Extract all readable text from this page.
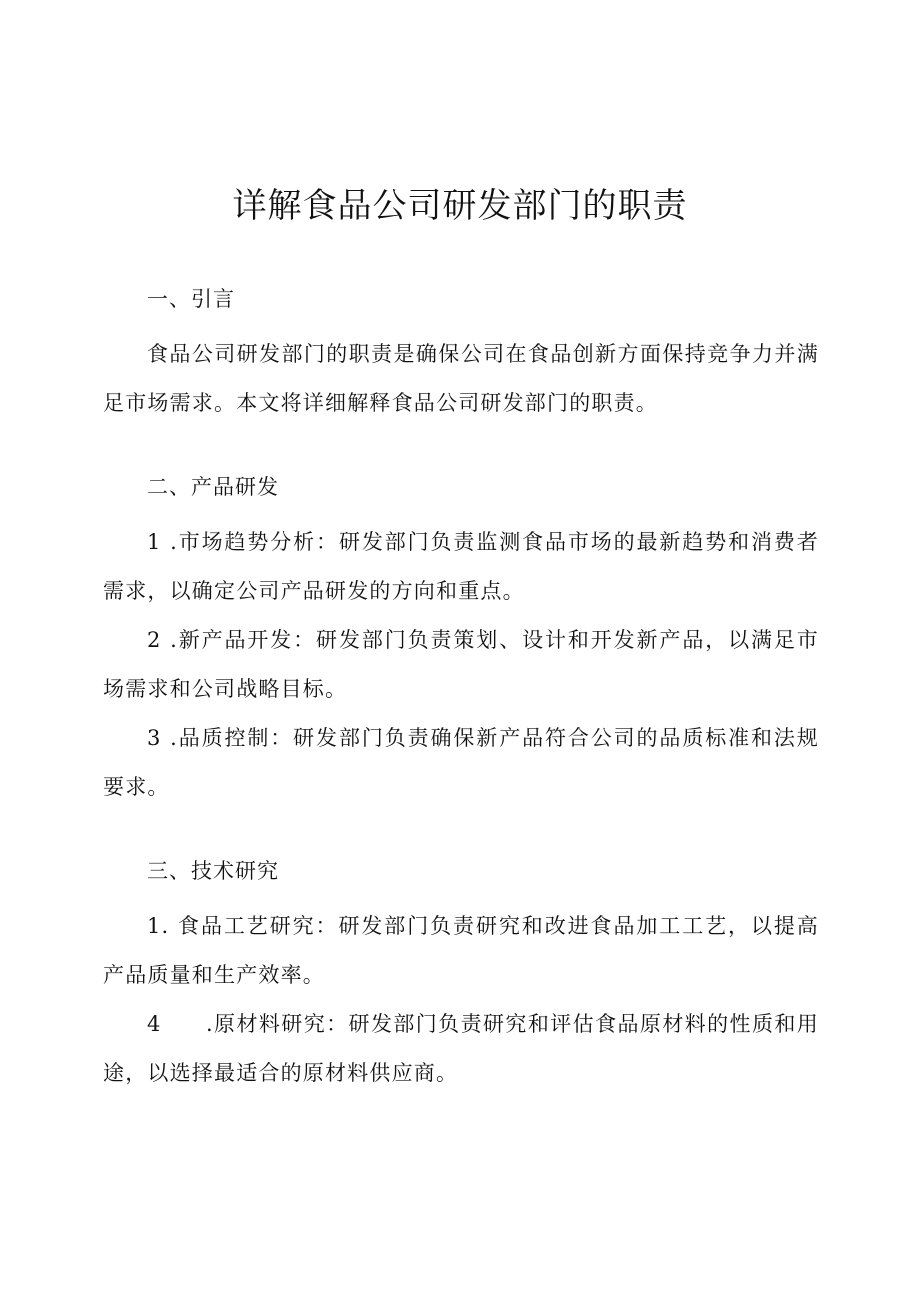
详解食品公司研发部门的职责
一、引言

食品公司研发部门的职责是确保公司在食品创新方面保持竞争力并满足市场需求。本文将详细解释食品公司研发部门的职责。

二、产品研发

1 .市场趋势分析：研发部门负责监测食品市场的最新趋势和消费者需求，以确定公司产品研发的方向和重点。

2 .新产品开发：研发部门负责策划、设计和开发新产品，以满足市场需求和公司战略目标。

3 .品质控制：研发部门负责确保新产品符合公司的品质标准和法规要求。

三、技术研究

1. 食品工艺研究：研发部门负责研究和改进食品加工工艺，以提高产品质量和生产效率。

4  .原材料研究：研发部门负责研究和评估食品原材料的性质和用途，以选择最适合的原材料供应商。
